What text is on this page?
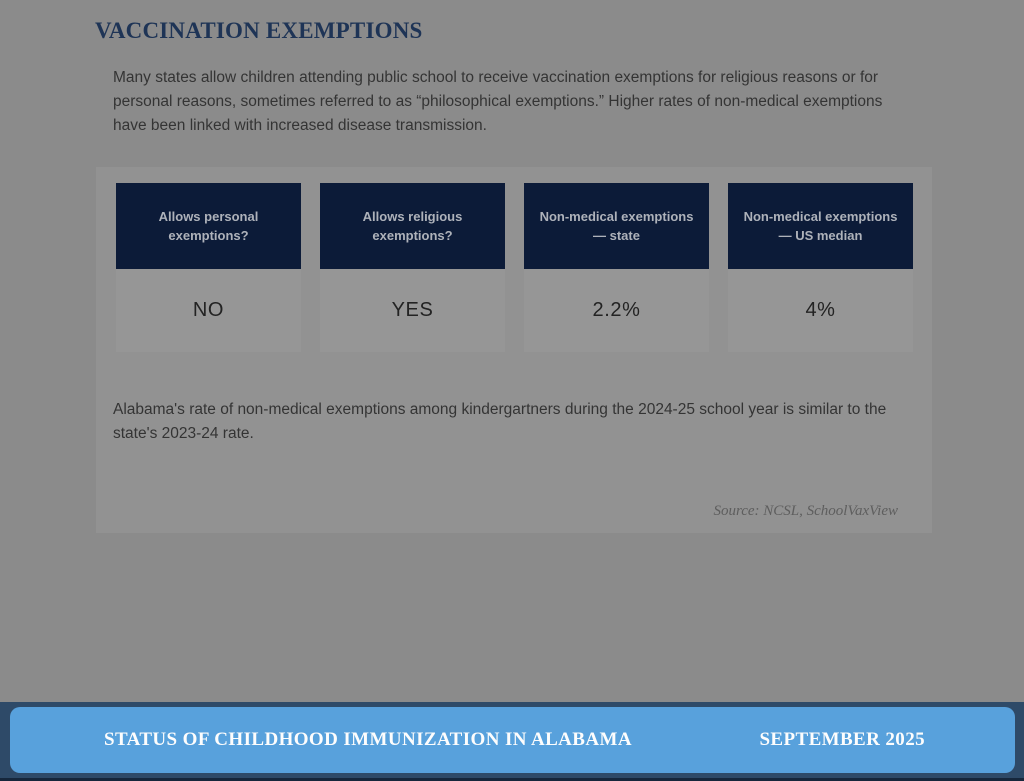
VACCINATION EXEMPTIONS

Many states allow children attending public school to receive vaccination exemptions for religious reasons or for personal reasons, sometimes referred to as “philosophical exemptions.” Higher rates of non-medical exemptions have been linked with increased disease transmission.

Allows personal
exemptions?
NO
Allows religious
exemptions?
YES
Non-medical exemptions
— state
2.2%
Non-medical exemptions
— US median
4%

Alabama's rate of non-medical exemptions among kindergartners during the 2024-25 school year is similar to the state's 2023-24 rate.

Source: NCSL, SchoolVaxView

STATUS OF CHILDHOOD IMMUNIZATION IN ALABAMA	SEPTEMBER 2025
